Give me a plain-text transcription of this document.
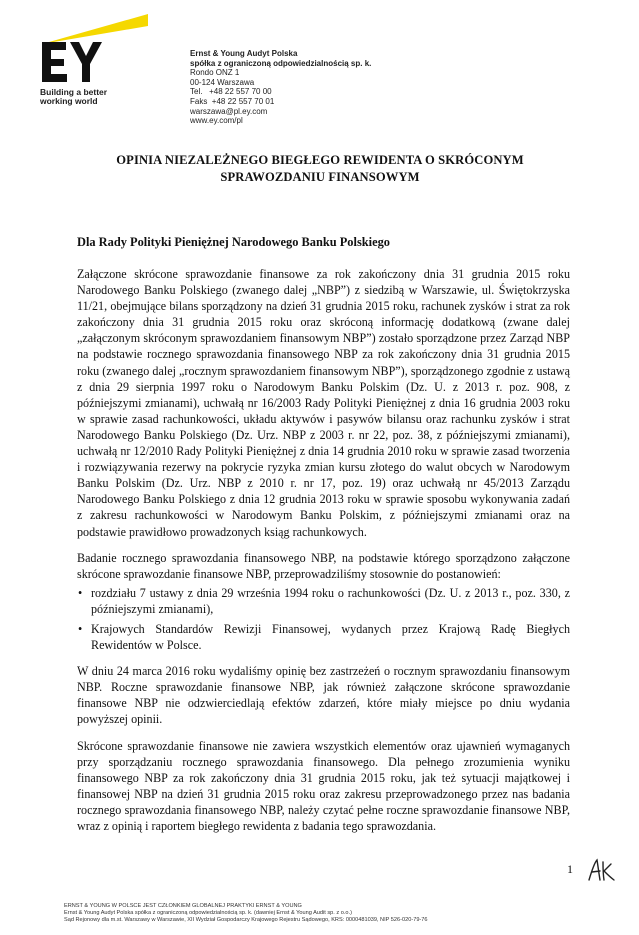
Building a better
working world
Ernst & Young Audyt Polska
spółka z ograniczoną odpowiedzialnością sp. k.
Rondo ONZ 1
00-124 Warszawa
Tel.   +48 22 557 70 00
Faks  +48 22 557 70 01
warszawa@pl.ey.com
www.ey.com/pl
OPINIA NIEZALEŻNEGO BIEGŁEGO REWIDENTA O SKRÓCONYM
SPRAWOZDANIU FINANSOWYM
Dla Rady Polityki Pieniężnej Narodowego Banku Polskiego

Załączone skrócone sprawozdanie finansowe za rok zakończony dnia 31 grudnia 2015 roku Narodowego Banku Polskiego (zwanego dalej „NBP”) z siedzibą w Warszawie, ul. Świętokrzyska 11/21, obejmujące bilans sporządzony na dzień 31 grudnia 2015 roku, rachunek zysków i strat za rok zakończony dnia 31 grudnia 2015 roku oraz skróconą informację dodatkową (zwane dalej „załączonym skróconym sprawozdaniem finansowym NBP”) zostało sporządzone przez Zarząd NBP na podstawie rocznego sprawozdania finansowego NBP za rok zakończony dnia 31 grudnia 2015 roku (zwanego dalej „rocznym sprawozdaniem finansowym NBP”), sporządzonego zgodnie z ustawą z dnia 29 sierpnia 1997 roku o Narodowym Banku Polskim (Dz. U. z 2013 r. poz. 908, z późniejszymi zmianami), uchwałą nr 16/2003 Rady Polityki Pieniężnej z dnia 16 grudnia 2003 roku w sprawie zasad rachunkowości, układu aktywów i pasywów bilansu oraz rachunku zysków i strat Narodowego Banku Polskiego (Dz. Urz. NBP z 2003 r. nr 22, poz. 38, z późniejszymi zmianami), uchwałą nr 12/2010 Rady Polityki Pieniężnej z dnia 14 grudnia 2010 roku w sprawie zasad tworzenia i rozwiązywania rezerwy na pokrycie ryzyka zmian kursu złotego do walut obcych w Narodowym Banku Polskim (Dz. Urz. NBP z 2010 r. nr 17, poz. 19) oraz uchwałą nr 45/2013 Zarządu Narodowego Banku Polskiego z dnia 12 grudnia 2013 roku w sprawie sposobu wykonywania zadań z zakresu rachunkowości w Narodowym Banku Polskim, z późniejszymi zmianami oraz na podstawie prawidłowo prowadzonych ksiąg rachunkowych.

Badanie rocznego sprawozdania finansowego NBP, na podstawie którego sporządzono załączone skrócone sprawozdanie finansowe NBP, przeprowadziliśmy stosownie do postanowień:

• rozdziału 7 ustawy z dnia 29 września 1994 roku o rachunkowości (Dz. U. z 2013 r., poz. 330, z późniejszymi zmianami),
• Krajowych Standardów Rewizji Finansowej, wydanych przez Krajową Radę Biegłych Rewidentów w Polsce.

W dniu 24 marca 2016 roku wydaliśmy opinię bez zastrzeżeń o rocznym sprawozdaniu finansowym NBP. Roczne sprawozdanie finansowe NBP, jak również załączone skrócone sprawozdanie finansowe NBP nie odzwierciedlają efektów zdarzeń, które miały miejsce po dniu wydania powyższej opinii.

Skrócone sprawozdanie finansowe nie zawiera wszystkich elementów oraz ujawnień wymaganych przy sporządzaniu rocznego sprawozdania finansowego. Dla pełnego zrozumienia wyniku finansowego NBP za rok zakończony dnia 31 grudnia 2015 roku, jak też sytuacji majątkowej i finansowej NBP na dzień 31 grudnia 2015 roku oraz zakresu przeprowadzonego przez nas badania rocznego sprawozdania finansowego NBP, należy czytać pełne roczne sprawozdanie finansowe NBP, wraz z opinią i raportem biegłego rewidenta z badania tego sprawozdania.

1
ERNST & YOUNG W POLSCE JEST CZŁONKIEM GLOBALNEJ PRAKTYKI ERNST & YOUNG
Ernst & Young Audyt Polska spółka z ograniczoną odpowiedzialnością sp. k. (dawniej Ernst & Young Audit sp. z o.o.)
Sąd Rejonowy dla m.st. Warszawy w Warszawie, XII Wydział Gospodarczy Krajowego Rejestru Sądowego, KRS: 0000481039, NIP 526-020-79-76
